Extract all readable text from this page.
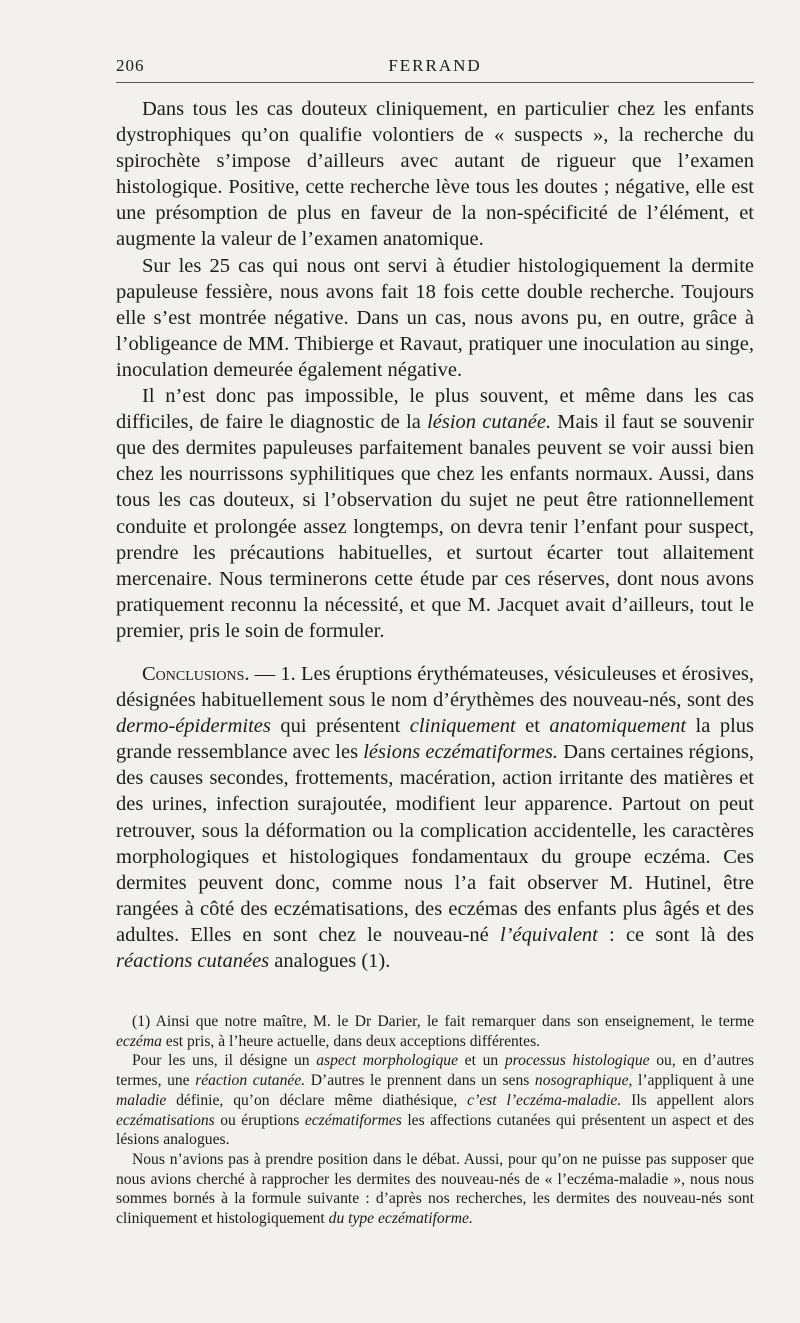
206	FERRAND

Dans tous les cas douteux cliniquement, en particulier chez les enfants dystrophiques qu’on qualifie volontiers de « suspects », la recherche du spirochète s’impose d’ailleurs avec autant de rigueur que l’examen histologique. Positive, cette recherche lève tous les doutes ; négative, elle est une présomption de plus en faveur de la non-spécificité de l’élément, et augmente la valeur de l’examen anatomique.

Sur les 25 cas qui nous ont servi à étudier histologiquement la dermite papuleuse fessière, nous avons fait 18 fois cette double recherche. Toujours elle s’est montrée négative. Dans un cas, nous avons pu, en outre, grâce à l’obligeance de MM. Thibierge et Ravaut, pratiquer une inoculation au singe, inoculation demeurée également négative.

Il n’est donc pas impossible, le plus souvent, et même dans les cas difficiles, de faire le diagnostic de la lésion cutanée. Mais il faut se souvenir que des dermites papuleuses parfaitement banales peuvent se voir aussi bien chez les nourrissons syphilitiques que chez les enfants normaux. Aussi, dans tous les cas douteux, si l’observation du sujet ne peut être rationnellement conduite et prolongée assez longtemps, on devra tenir l’enfant pour suspect, prendre les précautions habituelles, et surtout écarter tout allaitement mercenaire. Nous terminerons cette étude par ces réserves, dont nous avons pratiquement reconnu la nécessité, et que M. Jacquet avait d’ailleurs, tout le premier, pris le soin de formuler.

Conclusions. — 1. Les éruptions érythémateuses, vésiculeuses et érosives, désignées habituellement sous le nom d’érythèmes des nouveau-nés, sont des dermo-épidermites qui présentent cliniquement et anatomiquement la plus grande ressemblance avec les lésions eczématiformes. Dans certaines régions, des causes secondes, frottements, macération, action irritante des matières et des urines, infection surajoutée, modifient leur apparence. Partout on peut retrouver, sous la déformation ou la complication accidentelle, les caractères morphologiques et histologiques fondamentaux du groupe eczéma. Ces dermites peuvent donc, comme nous l’a fait observer M. Hutinel, être rangées à côté des eczématisations, des eczémas des enfants plus âgés et des adultes. Elles en sont chez le nouveau-né l’équivalent : ce sont là des réactions cutanées analogues (1).

(1) Ainsi que notre maître, M. le Dr Darier, le fait remarquer dans son enseignement, le terme eczéma est pris, à l’heure actuelle, dans deux acceptions différentes.

Pour les uns, il désigne un aspect morphologique et un processus histologique ou, en d’autres termes, une réaction cutanée. D’autres le prennent dans un sens nosographique, l’appliquent à une maladie définie, qu’on déclare même diathésique, c’est l’eczéma-maladie. Ils appellent alors eczématisations ou éruptions eczématiformes les affections cutanées qui présentent un aspect et des lésions analogues.

Nous n’avions pas à prendre position dans le débat. Aussi, pour qu’on ne puisse pas supposer que nous avions cherché à rapprocher les dermites des nouveau-nés de « l’eczéma-maladie », nous nous sommes bornés à la formule suivante : d’après nos recherches, les dermites des nouveau-nés sont cliniquement et histologiquement du type eczématiforme.
